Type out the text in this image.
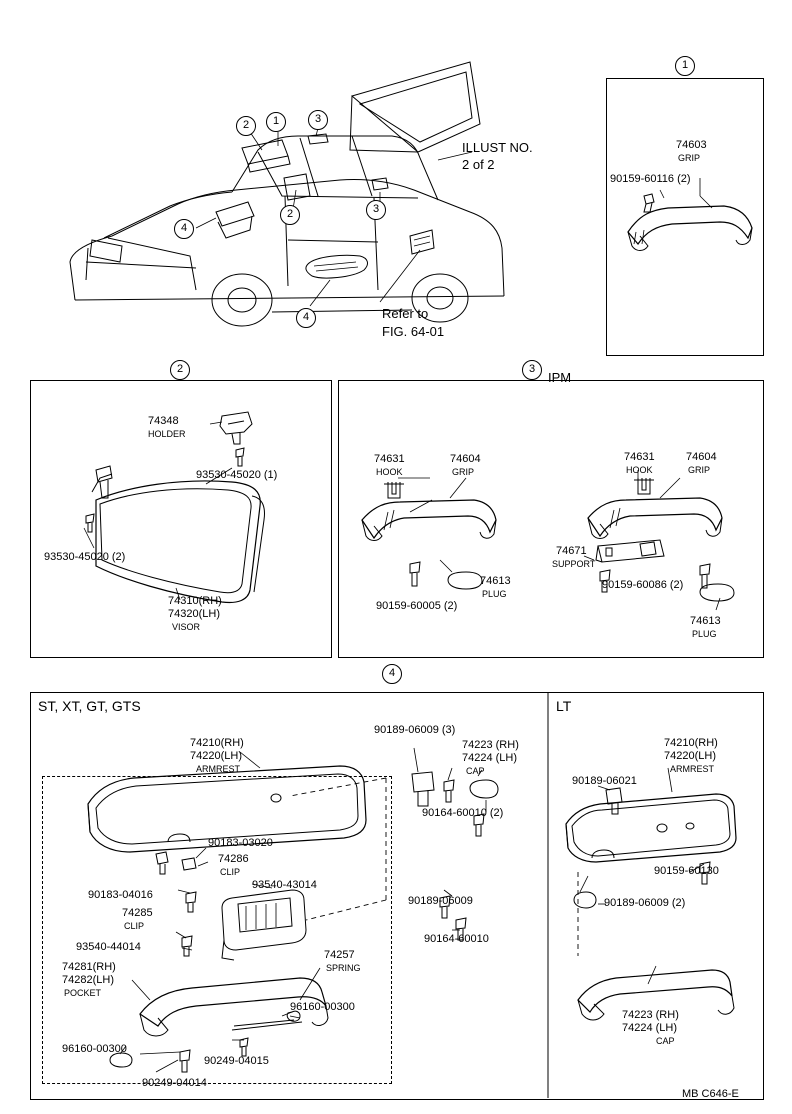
1
2	3
4
2	1	3
4
2	3
4
ILLUST NO.
2 of 2
Refer to
FIG. 64-01
74603
GRIP
90159-60116 (2)
74348
HOLDER
93530-45020 (1)
93530-45020 (2)
74310(RH)
74320(LH)
VISOR
IPM
74631
HOOK
74604
GRIP
74613
PLUG
90159-60005 (2)
74631
HOOK
74604
GRIP
74671
SUPPORT
90159-60086 (2)
74613
PLUG
ST, XT, GT, GTS
74210(RH)
74220(LH)
ARMREST
90189-06009 (3)
74223 (RH)
74224 (LH)
CAP
90164-60010 (2)
90183-03020
74286
CLIP
93540-43014
90183-04016
74285
CLIP
90189-06009
90164-60010
93540-44014
74281(RH)
74282(LH)
POCKET
74257
SPRING
96160-00300
96160-00300
90249-04015
90249-04014
LT
74210(RH)
74220(LH)
ARMREST
90189-06021
90159-60130
90189-06009 (2)
74223 (RH)
74224 (LH)
CAP
MB C646-E
